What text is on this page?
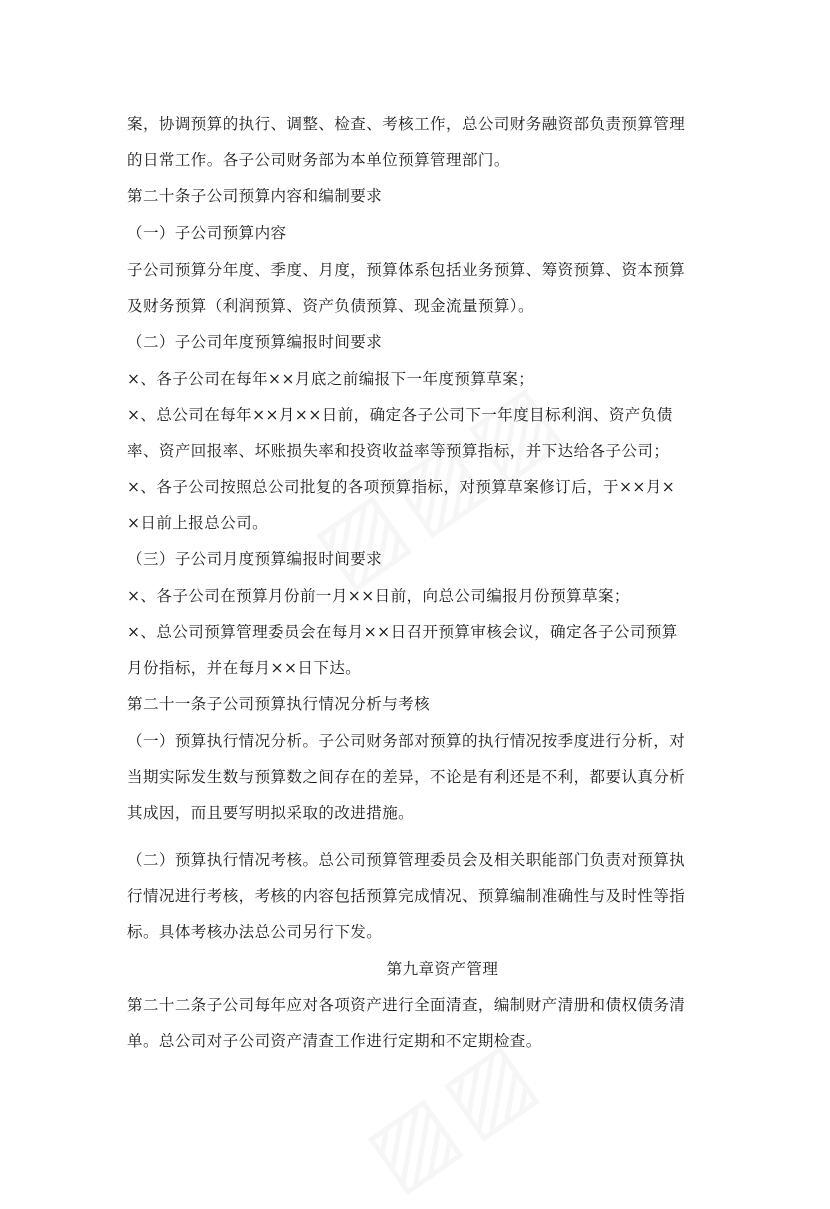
案，协调预算的执行、调整、检查、考核工作，总公司财务融资部负责预算管理
的日常工作。各子公司财务部为本单位预算管理部门。
第二十条子公司预算内容和编制要求
（一）子公司预算内容
子公司预算分年度、季度、月度，预算体系包括业务预算、筹资预算、资本预算
及财务预算（利润预算、资产负债预算、现金流量预算）。
（二）子公司年度预算编报时间要求
×、各子公司在每年××月底之前编报下一年度预算草案；
×、总公司在每年××月××日前，确定各子公司下一年度目标利润、资产负债
率、资产回报率、坏账损失率和投资收益率等预算指标，并下达给各子公司；
×、各子公司按照总公司批复的各项预算指标，对预算草案修订后，于××月×
×日前上报总公司。
（三）子公司月度预算编报时间要求
×、各子公司在预算月份前一月××日前，向总公司编报月份预算草案；
×、总公司预算管理委员会在每月××日召开预算审核会议，确定各子公司预算
月份指标，并在每月××日下达。
第二十一条子公司预算执行情况分析与考核
（一）预算执行情况分析。子公司财务部对预算的执行情况按季度进行分析，对
当期实际发生数与预算数之间存在的差异，不论是有利还是不利，都要认真分析
其成因，而且要写明拟采取的改进措施。
（二）预算执行情况考核。总公司预算管理委员会及相关职能部门负责对预算执
行情况进行考核，考核的内容包括预算完成情况、预算编制准确性与及时性等指
标。具体考核办法总公司另行下发。
第九章资产管理
第二十二条子公司每年应对各项资产进行全面清查，编制财产清册和债权债务清
单。总公司对子公司资产清查工作进行定期和不定期检查。
